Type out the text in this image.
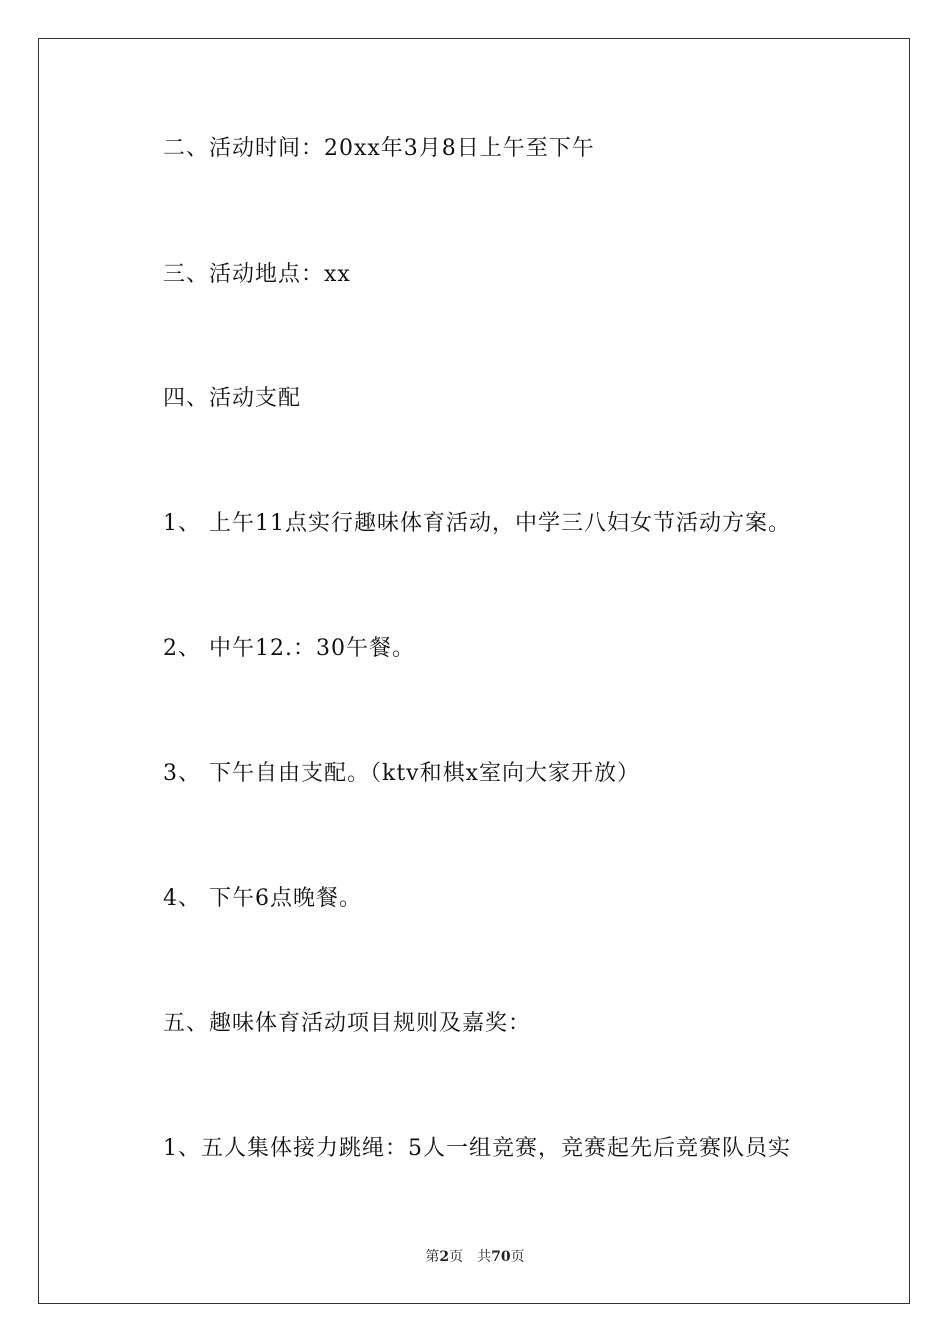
二、活动时间：20xx年3月8日上午至下午
三、活动地点：xx
四、活动支配
1、 上午11点实行趣味体育活动，中学三八妇女节活动方案。
2、 中午12.：30午餐。
3、 下午自由支配。（ktv和棋x室向大家开放）
4、 下午6点晚餐。
五、趣味体育活动项目规则及嘉奖：
1、五人集体接力跳绳：5人一组竞赛，竞赛起先后竞赛队员实
第2页 共70页
